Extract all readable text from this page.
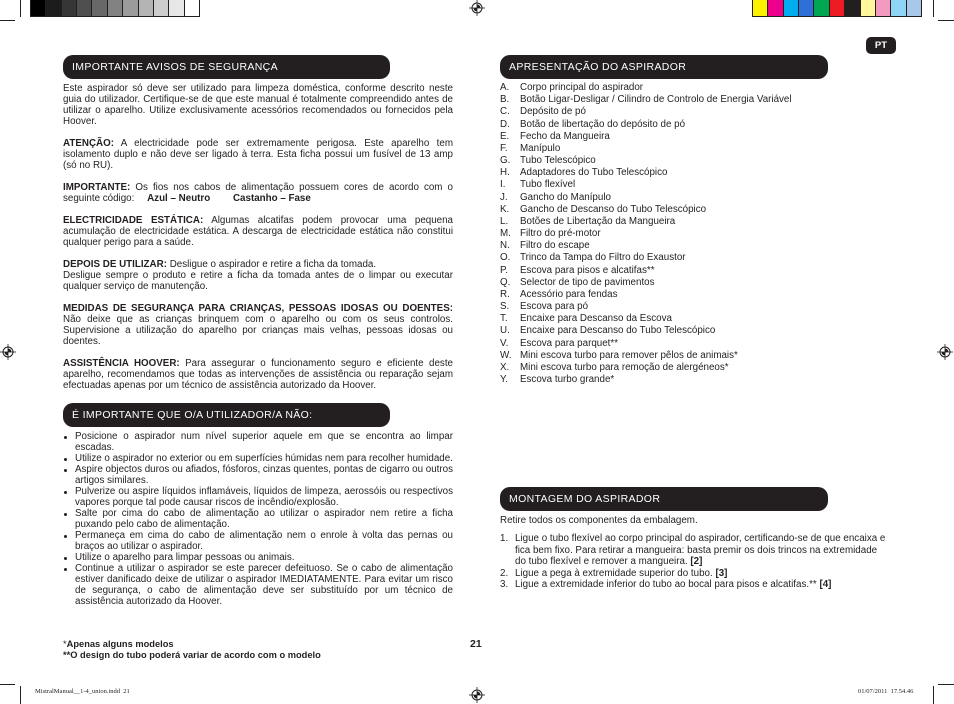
PT
IMPORTANTE AVISOS DE SEGURANÇA

Este aspirador só deve ser utilizado para limpeza doméstica, conforme descrito neste guia do utilizador. Certifique-se de que este manual é totalmente compreendido antes de utilizar o aparelho. Utilize exclusivamente acessórios recomendados ou fornecidos pela Hoover.

ATENÇÃO: A electricidade pode ser extremamente perigosa. Este aparelho tem isolamento duplo e não deve ser ligado à terra. Esta ficha possui um fusível de 13 amp (só no RU).

IMPORTANTE: Os fios nos cabos de alimentação possuem cores de acordo com o seguinte código: Azul – Neutro Castanho – Fase

ELECTRICIDADE ESTÁTICA: Algumas alcatifas podem provocar uma pequena acumulação de electricidade estática. A descarga de electricidade estática não constitui qualquer perigo para a saúde.

DEPOIS DE UTILIZAR: Desligue o aspirador e retire a ficha da tomada.
Desligue sempre o produto e retire a ficha da tomada antes de o limpar ou executar qualquer serviço de manutenção.

MEDIDAS DE SEGURANÇA PARA CRIANÇAS, PESSOAS IDOSAS OU DOENTES: Não deixe que as crianças brinquem com o aparelho ou com os seus controlos. Supervisione a utilização do aparelho por crianças mais velhas, pessoas idosas ou doentes.

ASSISTÊNCIA HOOVER: Para assegurar o funcionamento seguro e eficiente deste aparelho, recomendamos que todas as intervenções de assistência ou reparação sejam efectuadas apenas por um técnico de assistência autorizado da Hoover.

É IMPORTANTE QUE O/A UTILIZADOR/A NÃO:
Posicione o aspirador num nível superior aquele em que se encontra ao limpar escadas.
Utilize o aspirador no exterior ou em superfícies húmidas nem para recolher humidade.
Aspire objectos duros ou afiados, fósforos, cinzas quentes, pontas de cigarro ou outros artigos similares.
Pulverize ou aspire líquidos inflamáveis, líquidos de limpeza, aerossóis ou respectivos vapores porque tal pode causar riscos de incêndio/explosão.
Salte por cima do cabo de alimentação ao utilizar o aspirador nem retire a ficha puxando pelo cabo de alimentação.
Permaneça em cima do cabo de alimentação nem o enrole à volta das pernas ou braços ao utilizar o aspirador.
Utilize o aparelho para limpar pessoas ou animais.
Continue a utilizar o aspirador se este parecer defeituoso. Se o cabo de alimentação estiver danificado deixe de utilizar o aspirador IMEDIATAMENTE. Para evitar um risco de segurança, o cabo de alimentação deve ser substituído por um técnico de assistência autorizado da Hoover.
*Apenas alguns modelos
**O design do tubo poderá variar de acordo com o modelo
21
APRESENTAÇÃO DO ASPIRADOR
A.	Corpo principal do aspirador
B.	Botão Ligar-Desligar / Cilindro de Controlo de Energia Variável
C.	Depósito de pó
D.	Botão de libertação do depósito de pó
E.	Fecho da Mangueira
F.	Manípulo
G. Tubo Telescópico
H.	Adaptadores do Tubo Telescópico
I.	Tubo flexível
J.	Gancho do Manípulo
K.	Gancho de Descanso do Tubo Telescópico
L.	Botões de Libertação da Mangueira
M. Filtro do pré-motor
N.	Filtro do escape
O. Trinco da Tampa do Filtro do Exaustor
P.	Escova para pisos e alcatifas**
Q. Selector de tipo de pavimentos
R.	Acessório para fendas
S.	Escova para pó
T.	Encaixe para Descanso da Escova
U.	Encaixe para Descanso do Tubo Telescópico
V.	Escova para parquet**
W. Mini escova turbo para remover pêlos de animais*
X.	Mini escova turbo para remoção de alergéneos*
Y.	Escova turbo grande*
MONTAGEM DO ASPIRADOR
Retire todos os componentes da embalagem.
1. Ligue o tubo flexível ao corpo principal do aspirador, certificando-se de que encaixa e fica bem fixo. Para retirar a mangueira: basta premir os dois trincos na extremidade do tubo flexível e remover a mangueira. [2]
2. Ligue a pega à extremidade superior do tubo. [3]
3. Ligue a extremidade inferior do tubo ao bocal para pisos e alcatifas.** [4]
MistralManual__1-4_union.indd  21	01/07/2011  17.54.46
